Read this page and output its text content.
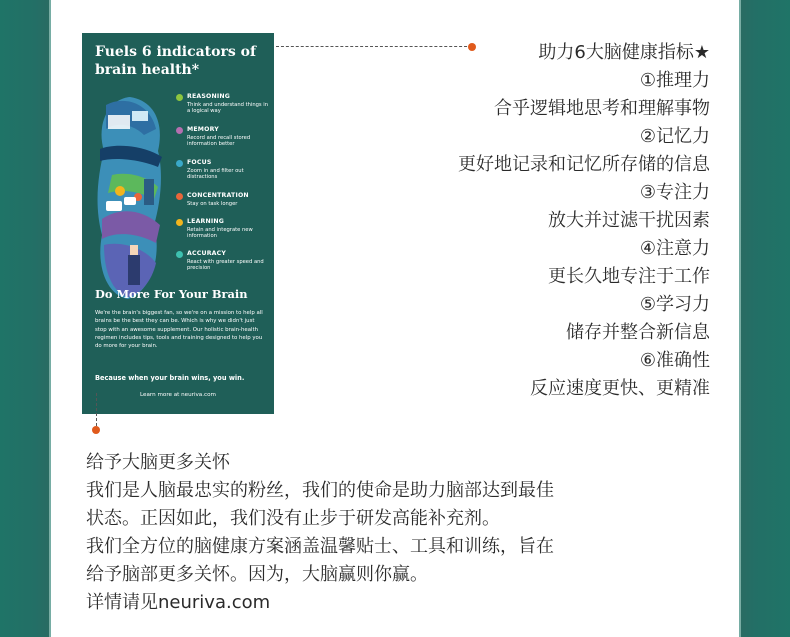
Fuels 6 indicators of brain health*
REASONING
Think and understand things in a logical way
MEMORY
Record and recall stored information better
FOCUS
Zoom in and filter out distractions
CONCENTRATION
Stay on task longer
LEARNING
Retain and integrate new information
ACCURACY
React with greater speed and precision
Do More For Your Brain
We're the brain's biggest fan, so we're on a mission to help all brains be the best they can be. Which is why we didn't just stop with an awesome supplement. Our holistic brain-health regimen includes tips, tools and training designed to help you do more for your brain.
Because when your brain wins, you win.
Learn more at neuriva.com
助力6大脑健康指标★
①推理力
合乎逻辑地思考和理解事物
②记忆力
更好地记录和记忆所存储的信息
③专注力
放大并过滤干扰因素
④注意力
更长久地专注于工作
⑤学习力
储存并整合新信息
⑥准确性
反应速度更快、更精准
给予大脑更多关怀
我们是人脑最忠实的粉丝，我们的使命是助力脑部达到最佳
状态。正因如此，我们没有止步于研发高能补充剂。
我们全方位的脑健康方案涵盖温馨贴士、工具和训练，旨在
给予脑部更多关怀。因为，大脑赢则你赢。
详情请见neuriva.com
